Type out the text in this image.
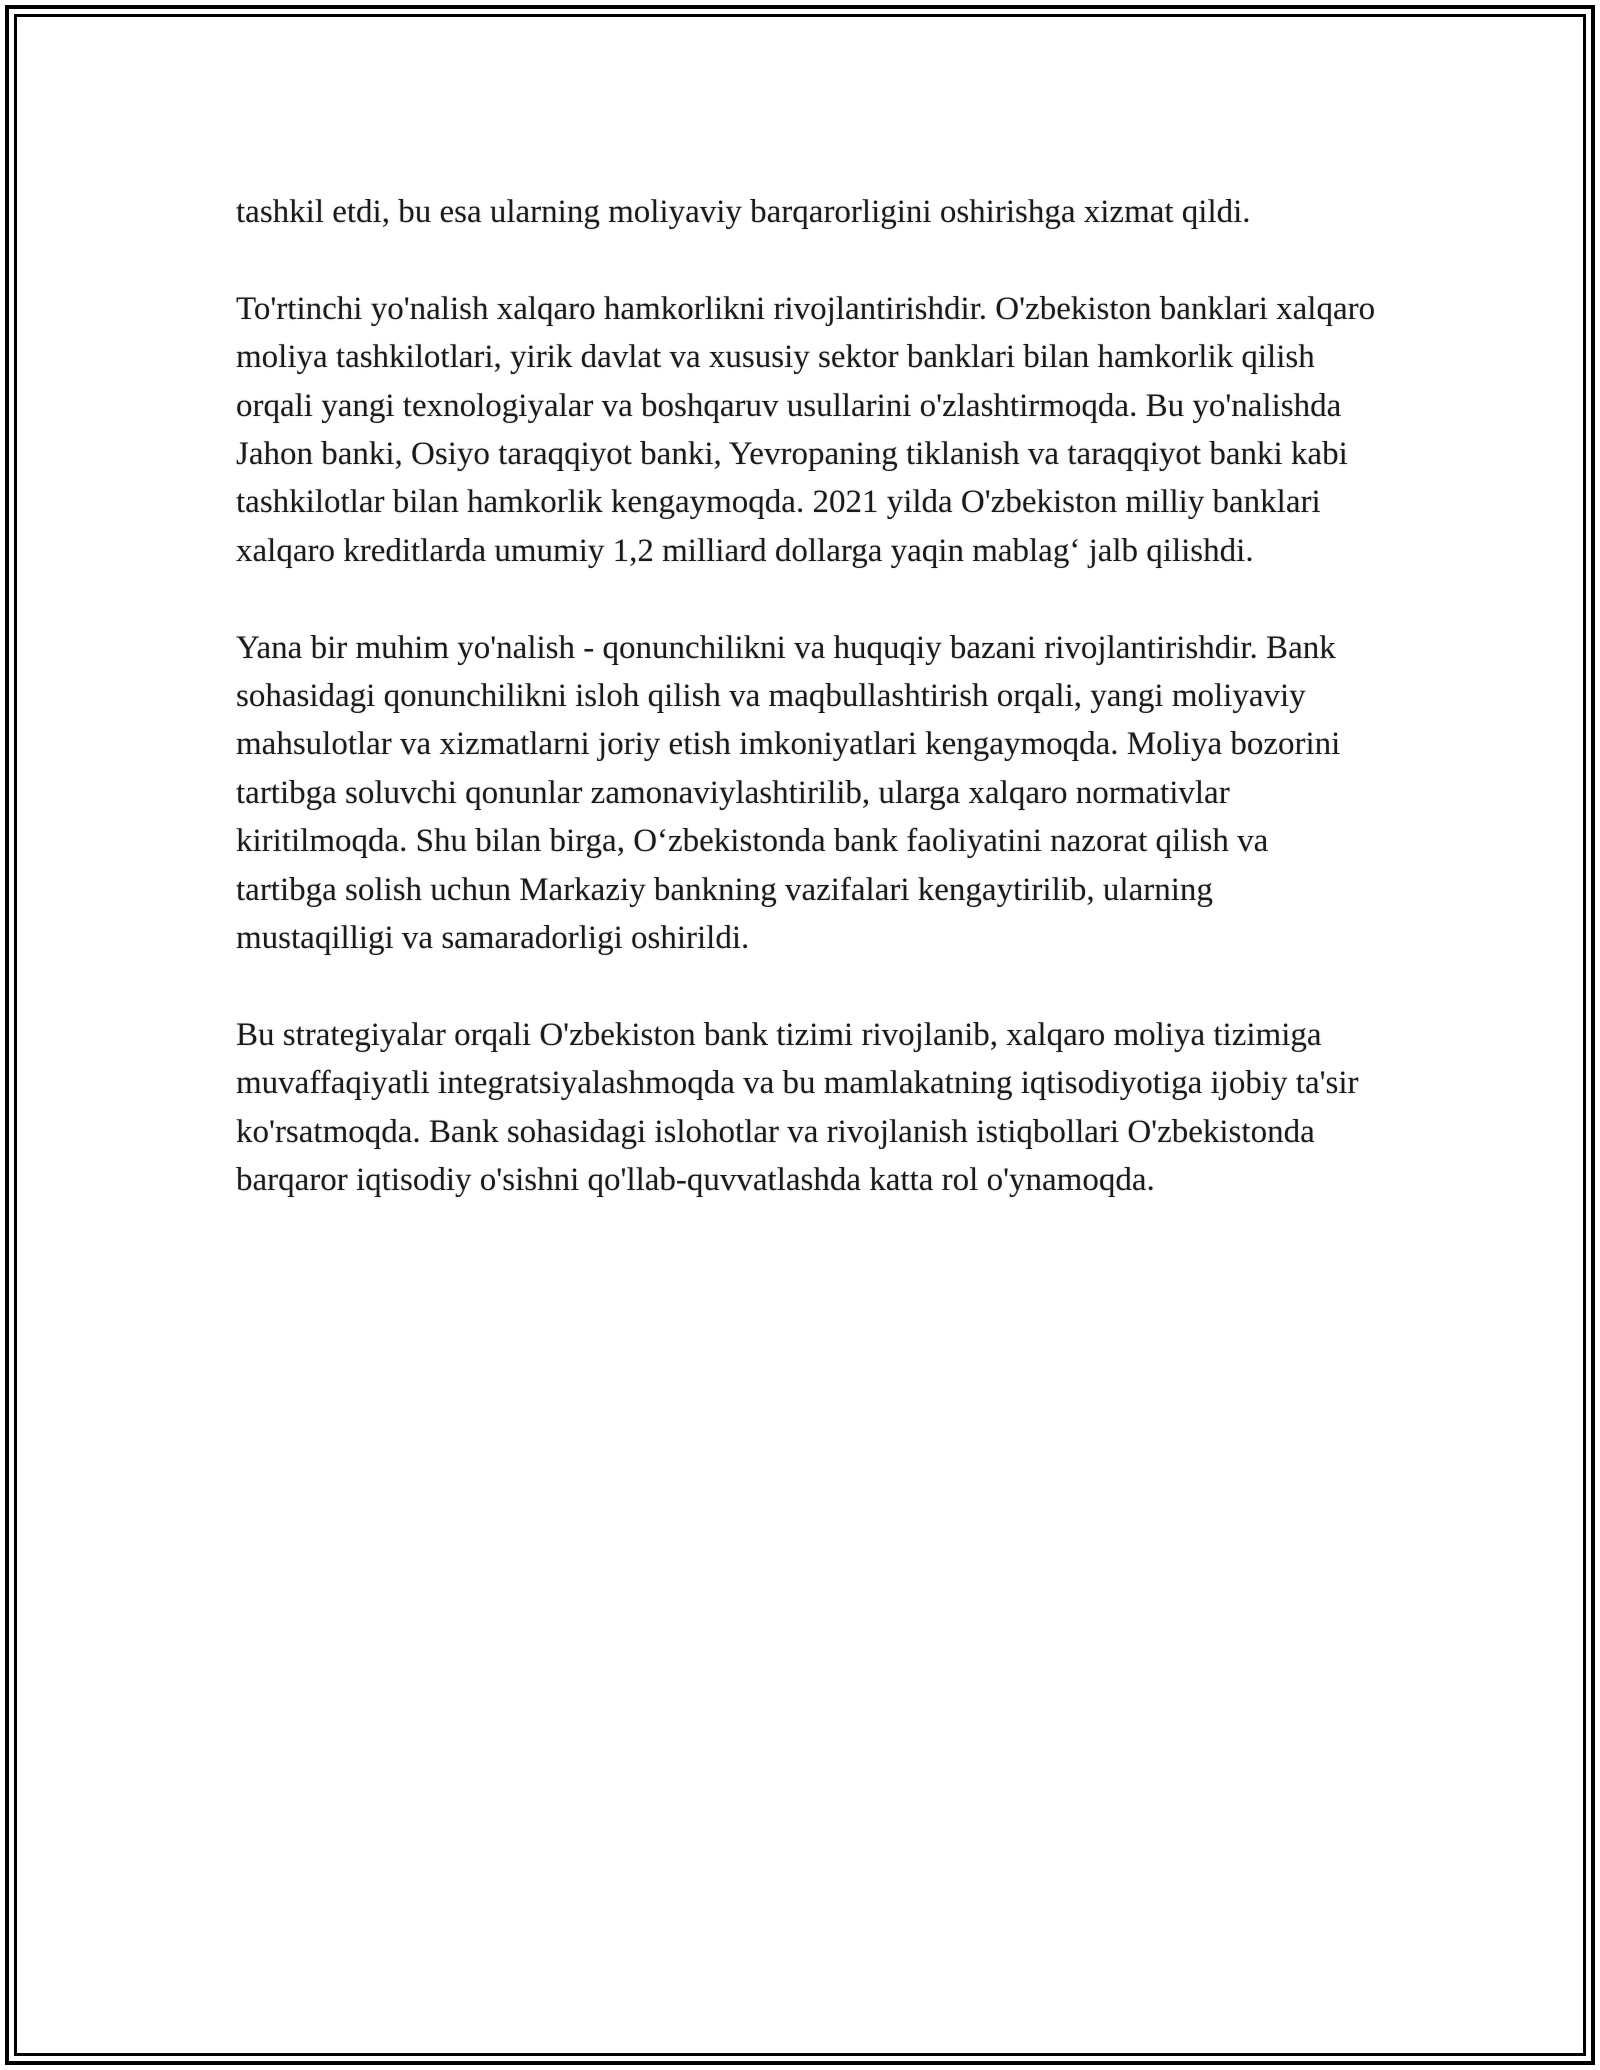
tashkil etdi, bu esa ularning moliyaviy barqarorligini oshirishga xizmat qildi.

To'rtinchi yo'nalish xalqaro hamkorlikni rivojlantirishdir. O'zbekiston banklari xalqaro moliya tashkilotlari, yirik davlat va xususiy sektor banklari bilan hamkorlik qilish orqali yangi texnologiyalar va boshqaruv usullarini o'zlashtirmoqda. Bu yo'nalishda Jahon banki, Osiyo taraqqiyot banki, Yevropaning tiklanish va taraqqiyot banki kabi tashkilotlar bilan hamkorlik kengaymoqda. 2021 yilda O'zbekiston milliy banklari xalqaro kreditlarda umumiy 1,2 milliard dollarga yaqin mablag‘ jalb qilishdi.

Yana bir muhim yo'nalish - qonunchilikni va huquqiy bazani rivojlantirishdir. Bank sohasidagi qonunchilikni isloh qilish va maqbullashtirish orqali, yangi moliyaviy mahsulotlar va xizmatlarni joriy etish imkoniyatlari kengaymoqda. Moliya bozorini tartibga soluvchi qonunlar zamonaviylashtirilib, ularga xalqaro normativlar kiritilmoqda. Shu bilan birga, O‘zbekistonda bank faoliyatini nazorat qilish va tartibga solish uchun Markaziy bankning vazifalari kengaytirilib, ularning mustaqilligi va samaradorligi oshirildi.

Bu strategiyalar orqali O'zbekiston bank tizimi rivojlanib, xalqaro moliya tizimiga muvaffaqiyatli integratsiyalashmoqda va bu mamlakatning iqtisodiyotiga ijobiy ta'sir ko'rsatmoqda. Bank sohasidagi islohotlar va rivojlanish istiqbollari O'zbekistonda barqaror iqtisodiy o'sishni qo'llab-quvvatlashda katta rol o'ynamoqda.
